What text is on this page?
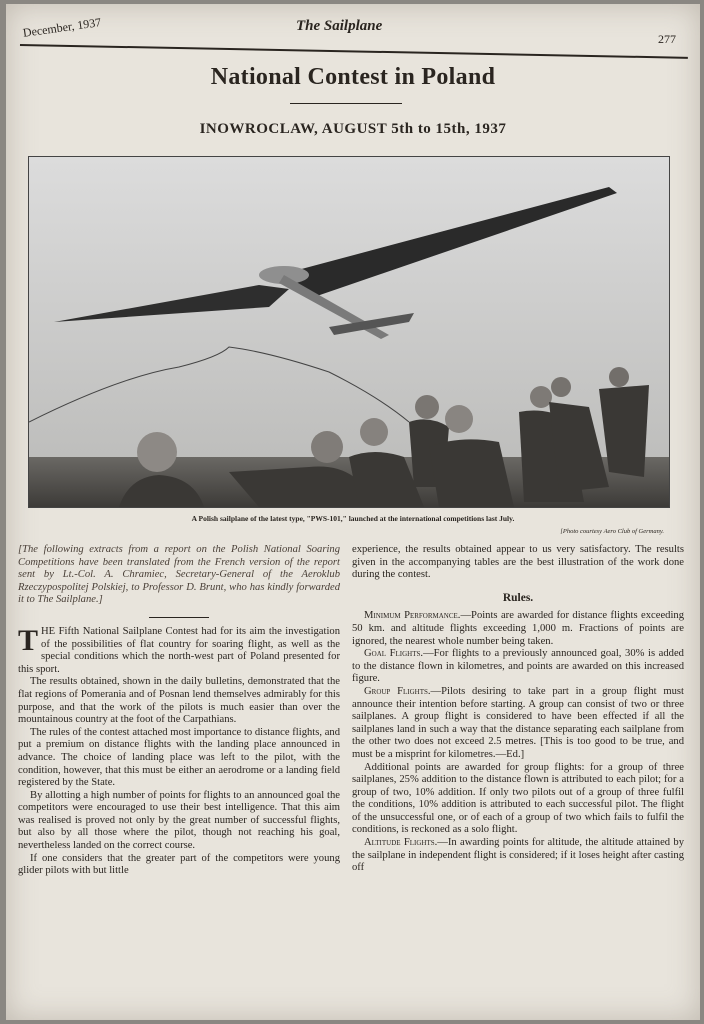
December, 1937	The Sailplane
277
National Contest in Poland
INOWROCLAW, AUGUST 5th to 15th, 1937
A Polish sailplane of the latest type, "PWS-101," launched at the international competitions last July.
[Photo courtesy Aero Club of Germany.

[The following extracts from a report on the Polish National Soaring Competitions have been translated from the French version of the report sent by Lt.-Col. A. Chramiec, Secretary-General of the Aeroklub Rzeczypospolitej Polskiej, to Professor D. Brunt, who has kindly forwarded it to The Sailplane.]

THE Fifth National Sailplane Contest had for its aim the investigation of the possibilities of flat country for soaring flight, as well as the special conditions which the north-west part of Poland presented for this sport.

The results obtained, shown in the daily bulletins, demonstrated that the flat regions of Pomerania and of Posnan lend themselves admirably for this purpose, and that the work of the pilots is much easier than over the mountainous country at the foot of the Carpathians.

The rules of the contest attached most importance to distance flights, and put a premium on distance flights with the landing place announced in advance. The choice of landing place was left to the pilot, with the condition, however, that this must be either an aerodrome or a landing field registered by the State.

By allotting a high number of points for flights to an announced goal the competitors were encouraged to use their best intelligence. That this aim was realised is proved not only by the great number of successful flights, but also by all those where the pilot, though not reaching his goal, nevertheless landed on the correct course.

If one considers that the greater part of the competitors were young glider pilots with but little

experience, the results obtained appear to us very satisfactory. The results given in the accompanying tables are the best illustration of the work done during the contest.

Rules.

Minimum Performance.—Points are awarded for distance flights exceeding 50 km. and altitude flights exceeding 1,000 m. Fractions of points are ignored, the nearest whole number being taken.

Goal Flights.—For flights to a previously announced goal, 30% is added to the distance flown in kilometres, and points are awarded on this increased figure.

Group Flights.—Pilots desiring to take part in a group flight must announce their intention before starting. A group can consist of two or three sailplanes. A group flight is considered to have been effected if all the sailplanes land in such a way that the distance separating each sailplane from the other two does not exceed 2.5 metres. [This is too good to be true, and must be a misprint for kilometres.—Ed.]

Additional points are awarded for group flights: for a group of three sailplanes, 25% addition to the distance flown is attributed to each pilot; for a group of two, 10% addition. If only two pilots out of a group of three fulfil the conditions, 10% addition is attributed to each successful pilot. The flight of the unsuccessful one, or of each of a group of two which fails to fulfil the conditions, is reckoned as a solo flight.

Altitude Flights.—In awarding points for altitude, the altitude attained by the sailplane in independent flight is considered; if it loses height after casting off
